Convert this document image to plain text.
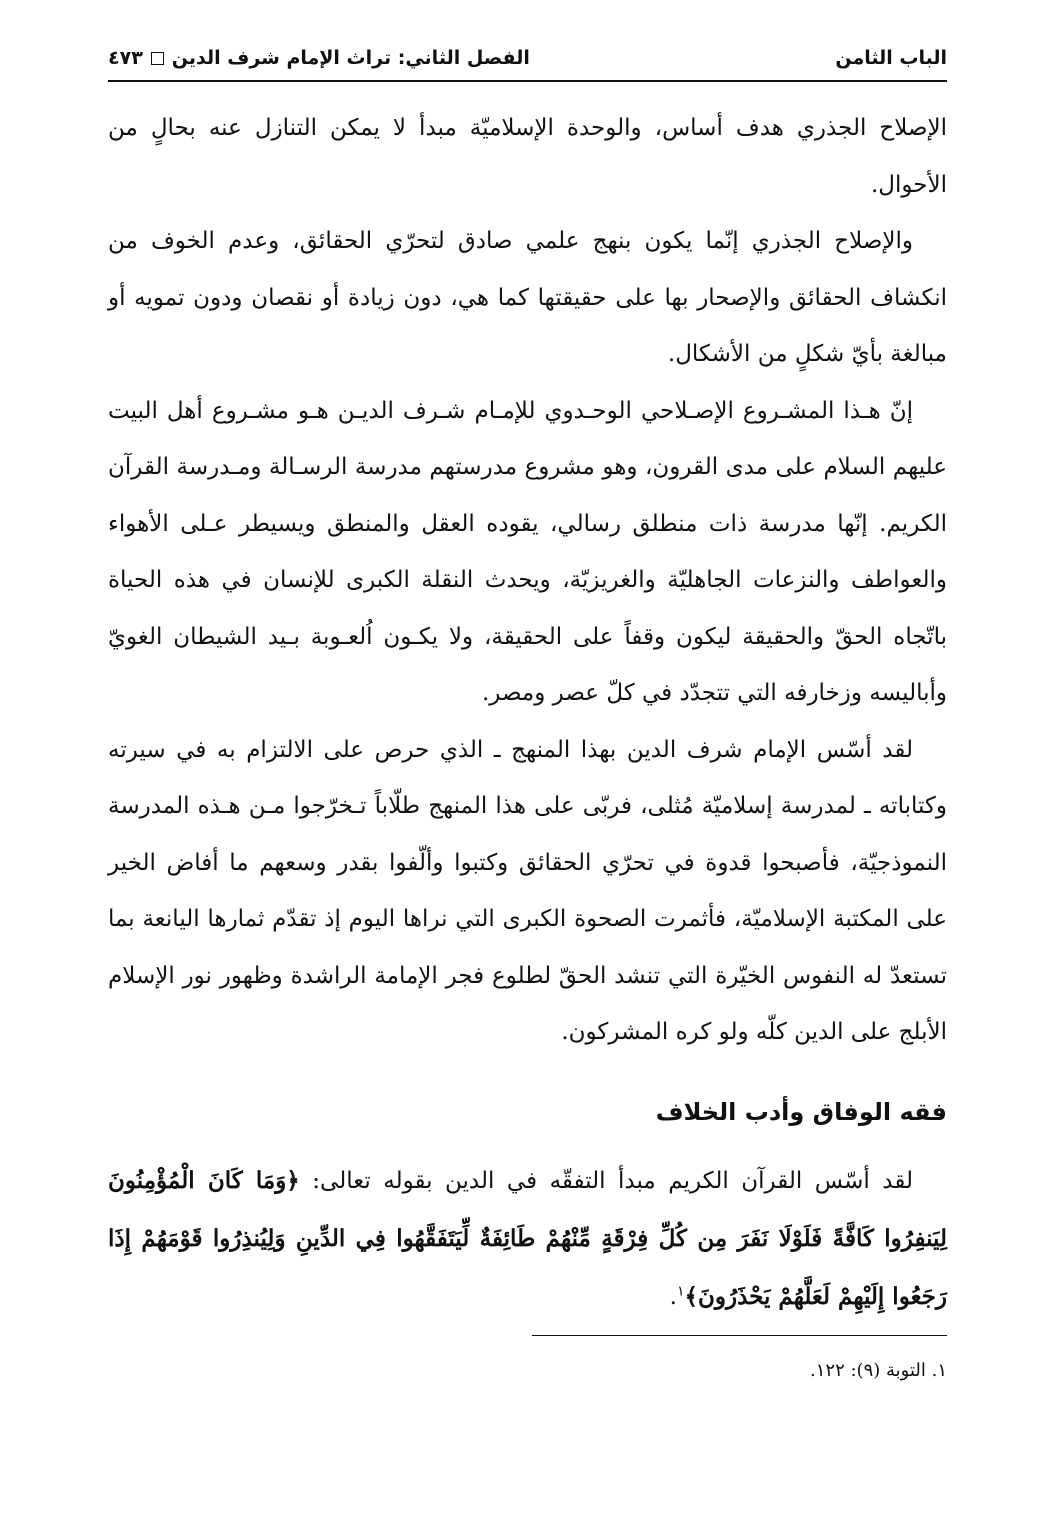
الباب الثامن
الفصل الثاني: تراث الإمام شرف الدين
٤٧٣

الإصلاح الجذري هدف أساس، والوحدة الإسلاميّة مبدأ لا يمكن التنازل عنه بحالٍ من الأحوال.

والإصلاح الجذري إنّما يكون بنهج علمي صادق لتحرّي الحقائق، وعدم الخوف من انكشاف الحقائق والإصحار بها على حقيقتها كما هي، دون زيادة أو نقصان ودون تمويه أو مبالغة بأيّ شكلٍ من الأشكال.

إنّ هـذا المشـروع الإصـلاحي الوحـدوي للإمـام شـرف الديـن هـو مشـروع أهل البيت عليهم السلام على مدى القرون، وهو مشروع مدرستهم مدرسة الرسـالة ومـدرسة القرآن الكريم. إنّها مدرسة ذات منطلق رسالي، يقوده العقل والمنطق ويسيطر عـلى الأهواء والعواطف والنزعات الجاهليّة والغريزيّة، ويحدث النقلة الكبرى للإنسان في هذه الحياة باتّجاه الحقّ والحقيقة ليكون وقفاً على الحقيقة، ولا يكـون اُلعـوبة بـيد الشيطان الغويّ وأباليسه وزخارفه التي تتجدّد في كلّ عصر ومصر.

لقد أسّس الإمام شرف الدين بهذا المنهج ـ الذي حرص على الالتزام به في سيرته وكتاباته ـ لمدرسة إسلاميّة مُثلى، فربّى على هذا المنهج طلّاباً تـخرّجوا مـن هـذه المدرسة النموذجيّة، فأصبحوا قدوة في تحرّي الحقائق وكتبوا وألّفوا بقدر وسعهم ما أفاض الخير على المكتبة الإسلاميّة، فأثمرت الصحوة الكبرى التي نراها اليوم إذ تقدّم ثمارها اليانعة بما تستعدّ له النفوس الخيّرة التي تنشد الحقّ لطلوع فجر الإمامة الراشدة وظهور نور الإسلام الأبلج على الدين كلّه ولو كره المشركون.

فقه الوفاق وأدب الخلاف

لقد أسّس القرآن الكريم مبدأ التفقّه في الدين بقوله تعالى: ﴿وَمَا كَانَ الْمُؤْمِنُونَ لِيَنفِرُوا كَافَّةً فَلَوْلَا نَفَرَ مِن كُلِّ فِرْقَةٍ مِّنْهُمْ طَائِفَةٌ لِّيَتَفَقَّهُوا فِي الدِّينِ وَلِيُنذِرُوا قَوْمَهُمْ إِذَا رَجَعُوا إِلَيْهِمْ لَعَلَّهُمْ يَحْذَرُونَ﴾$^١$.

١. التوبة (٩): ١٢٢.
